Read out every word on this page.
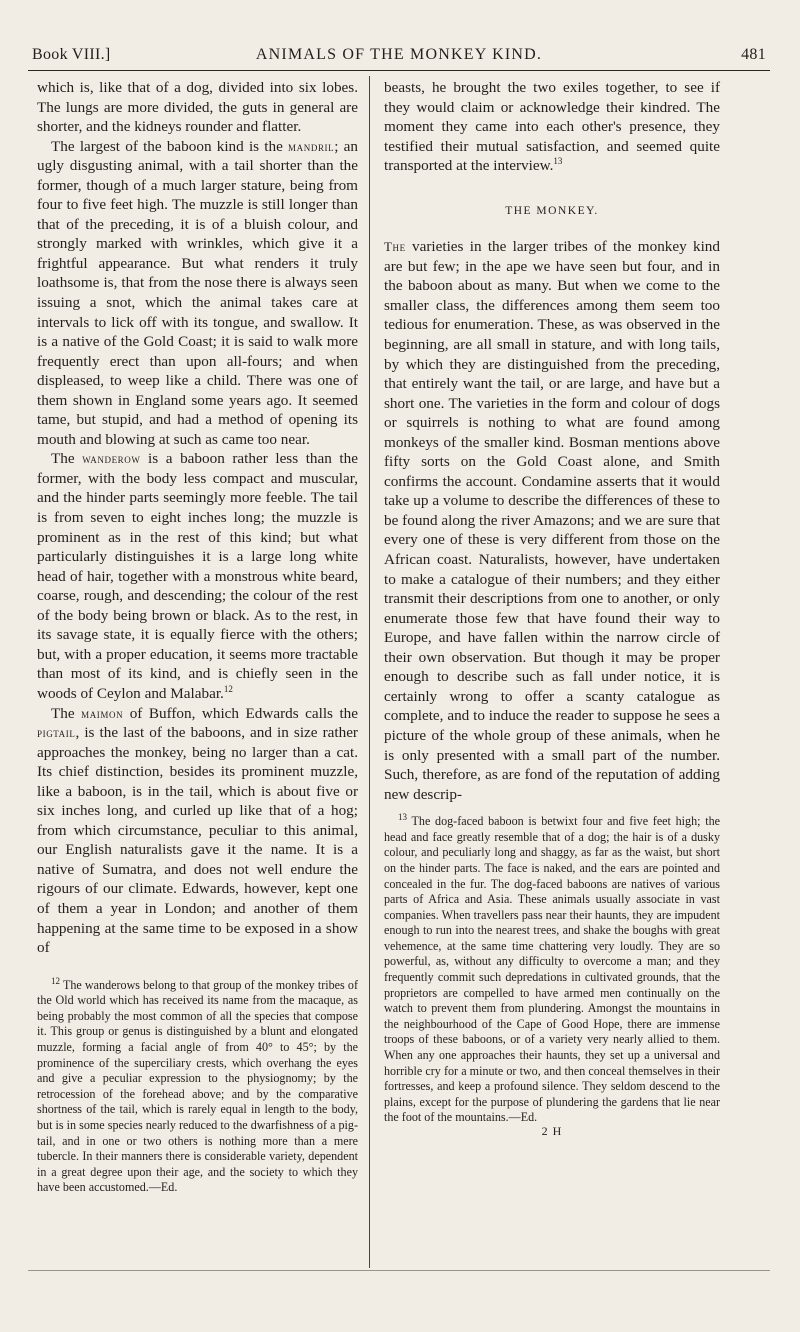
Book VIII.]	ANIMALS OF THE MONKEY KIND.	481

which is, like that of a dog, divided into six lobes. The lungs are more divided, the guts in general are shorter, and the kidneys rounder and flatter.

The largest of the baboon kind is the mandril; an ugly disgusting animal, with a tail shorter than the former, though of a much larger stature, being from four to five feet high. The muzzle is still longer than that of the preceding, it is of a bluish colour, and strongly marked with wrinkles, which give it a frightful appearance. But what renders it truly loathsome is, that from the nose there is always seen issuing a snot, which the animal takes care at intervals to lick off with its tongue, and swallow. It is a native of the Gold Coast; it is said to walk more frequently erect than upon all-fours; and when displeased, to weep like a child. There was one of them shown in England some years ago. It seemed tame, but stupid, and had a method of opening its mouth and blowing at such as came too near.

The wanderow is a baboon rather less than the former, with the body less compact and muscular, and the hinder parts seemingly more feeble. The tail is from seven to eight inches long; the muzzle is prominent as in the rest of this kind; but what particularly distinguishes it is a large long white head of hair, together with a monstrous white beard, coarse, rough, and descending; the colour of the rest of the body being brown or black. As to the rest, in its savage state, it is equally fierce with the others; but, with a proper education, it seems more tractable than most of its kind, and is chiefly seen in the woods of Ceylon and Malabar.$^{12}$

The maimon of Buffon, which Edwards calls the pigtail, is the last of the baboons, and in size rather approaches the monkey, being no larger than a cat. Its chief distinction, besides its prominent muzzle, like a baboon, is in the tail, which is about five or six inches long, and curled up like that of a hog; from which circumstance, peculiar to this animal, our English naturalists gave it the name. It is a native of Sumatra, and does not well endure the rigours of our climate. Edwards, however, kept one of them a year in London; and another of them happening at the same time to be exposed in a show of

$^{12}$ The wanderows belong to that group of the monkey tribes of the Old world which has received its name from the macaque, as being probably the most common of all the species that compose it. This group or genus is distinguished by a blunt and elongated muzzle, forming a facial angle of from 40° to 45°; by the prominence of the superciliary crests, which overhang the eyes and give a peculiar expression to the physiognomy; by the retrocession of the forehead above; and by the comparative shortness of the tail, which is rarely equal in length to the body, but is in some species nearly reduced to the dwarfishness of a pig-tail, and in one or two others is nothing more than a mere tubercle. In their manners there is considerable variety, dependent in a great degree upon their age, and the society to which they have been accustomed.—Ed.

beasts, he brought the two exiles together, to see if they would claim or acknowledge their kindred. The moment they came into each other's presence, they testified their mutual satisfaction, and seemed quite transported at the interview.$^{13}$

THE MONKEY.

The varieties in the larger tribes of the monkey kind are but few; in the ape we have seen but four, and in the baboon about as many. But when we come to the smaller class, the differences among them seem too tedious for enumeration. These, as was observed in the beginning, are all small in stature, and with long tails, by which they are distinguished from the preceding, that entirely want the tail, or are large, and have but a short one. The varieties in the form and colour of dogs or squirrels is nothing to what are found among monkeys of the smaller kind. Bosman mentions above fifty sorts on the Gold Coast alone, and Smith confirms the account. Condamine asserts that it would take up a volume to describe the differences of these to be found along the river Amazons; and we are sure that every one of these is very different from those on the African coast. Naturalists, however, have undertaken to make a catalogue of their numbers; and they either transmit their descriptions from one to another, or only enumerate those few that have found their way to Europe, and have fallen within the narrow circle of their own observation. But though it may be proper enough to describe such as fall under notice, it is certainly wrong to offer a scanty catalogue as complete, and to induce the reader to suppose he sees a picture of the whole group of these animals, when he is only presented with a small part of the number. Such, therefore, as are fond of the reputation of adding new descrip-

$^{13}$ The dog-faced baboon is betwixt four and five feet high; the head and face greatly resemble that of a dog; the hair is of a dusky colour, and peculiarly long and shaggy, as far as the waist, but short on the hinder parts. The face is naked, and the ears are pointed and concealed in the fur. The dog-faced baboons are natives of various parts of Africa and Asia. These animals usually associate in vast companies. When travellers pass near their haunts, they are impudent enough to run into the nearest trees, and shake the boughs with great vehemence, at the same time chattering very loudly. They are so powerful, as, without any difficulty to overcome a man; and they frequently commit such depredations in cultivated grounds, that the proprietors are compelled to have armed men continually on the watch to prevent them from plundering. Amongst the mountains in the neighbourhood of the Cape of Good Hope, there are immense troops of these baboons, or of a variety very nearly allied to them. When any one approaches their haunts, they set up a universal and horrible cry for a minute or two, and then conceal themselves in their fortresses, and keep a profound silence. They seldom descend to the plains, except for the purpose of plundering the gardens that lie near the foot of the mountains.—Ed.

2 H
